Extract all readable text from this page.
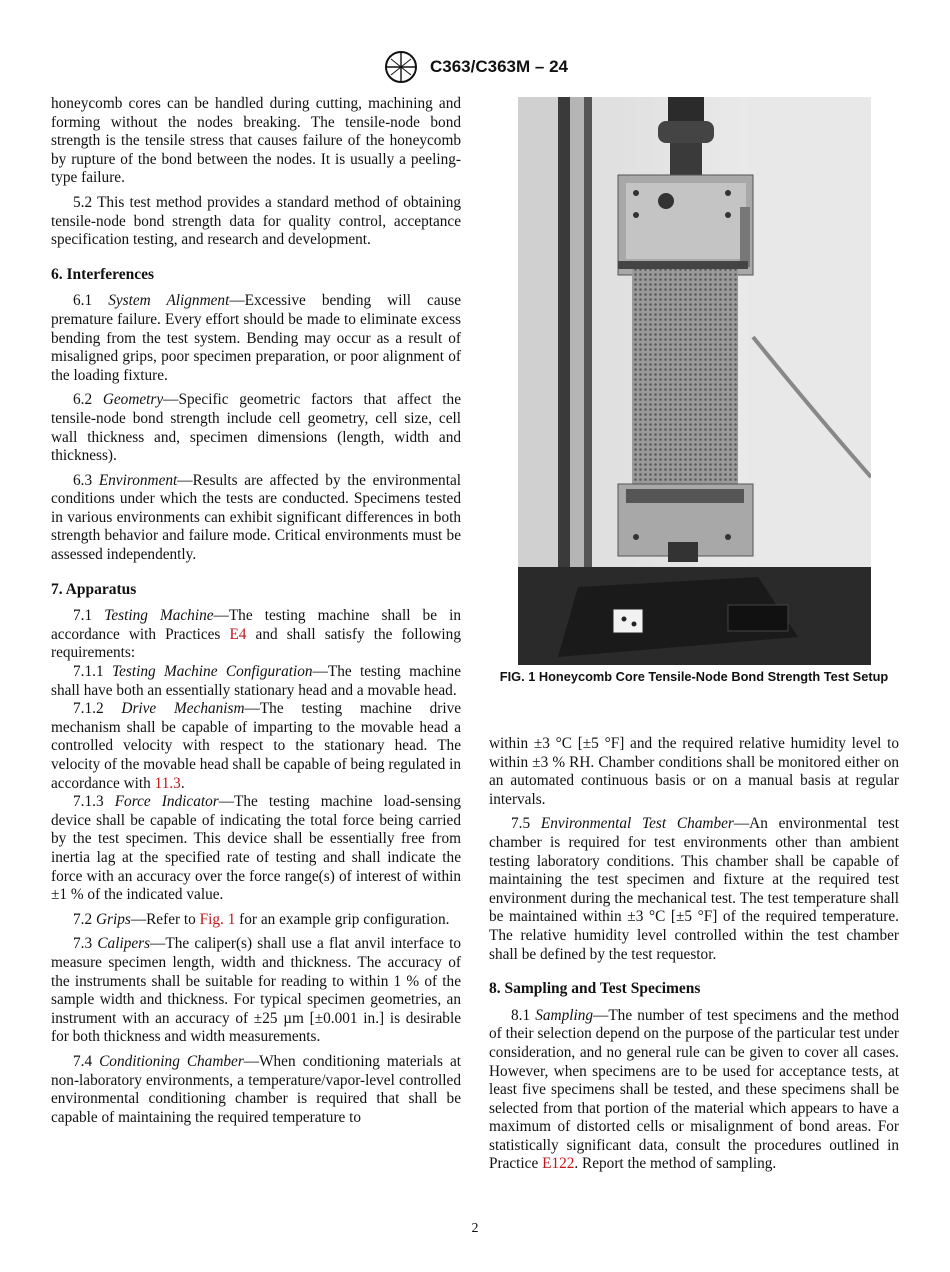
C363/C363M – 24

honeycomb cores can be handled during cutting, machining and forming without the nodes breaking. The tensile-node bond strength is the tensile stress that causes failure of the honeycomb by rupture of the bond between the nodes. It is usually a peeling-type failure.

5.2 This test method provides a standard method of obtaining tensile-node bond strength data for quality control, acceptance specification testing, and research and development.

6. Interferences

6.1 System Alignment—Excessive bending will cause premature failure. Every effort should be made to eliminate excess bending from the test system. Bending may occur as a result of misaligned grips, poor specimen preparation, or poor alignment of the loading fixture.

6.2 Geometry—Specific geometric factors that affect the tensile-node bond strength include cell geometry, cell size, cell wall thickness and, specimen dimensions (length, width and thickness).

6.3 Environment—Results are affected by the environmental conditions under which the tests are conducted. Specimens tested in various environments can exhibit significant differences in both strength behavior and failure mode. Critical environments must be assessed independently.

7. Apparatus

7.1 Testing Machine—The testing machine shall be in accordance with Practices E4 and shall satisfy the following requirements:

7.1.1 Testing Machine Configuration—The testing machine shall have both an essentially stationary head and a movable head.

7.1.2 Drive Mechanism—The testing machine drive mechanism shall be capable of imparting to the movable head a controlled velocity with respect to the stationary head. The velocity of the movable head shall be capable of being regulated in accordance with 11.3.

7.1.3 Force Indicator—The testing machine load-sensing device shall be capable of indicating the total force being carried by the test specimen. This device shall be essentially free from inertia lag at the specified rate of testing and shall indicate the force with an accuracy over the force range(s) of interest of within ±1 % of the indicated value.

7.2 Grips—Refer to Fig. 1 for an example grip configuration.

7.3 Calipers—The caliper(s) shall use a flat anvil interface to measure specimen length, width and thickness. The accuracy of the instruments shall be suitable for reading to within 1 % of the sample width and thickness. For typical specimen geometries, an instrument with an accuracy of ±25 µm [±0.001 in.] is desirable for both thickness and width measurements.

7.4 Conditioning Chamber—When conditioning materials at non-laboratory environments, a temperature/vapor-level controlled environmental conditioning chamber is required that shall be capable of maintaining the required temperature to

FIG. 1 Honeycomb Core Tensile-Node Bond Strength Test Setup

within ±3 °C [±5 °F] and the required relative humidity level to within ±3 % RH. Chamber conditions shall be monitored either on an automated continuous basis or on a manual basis at regular intervals.

7.5 Environmental Test Chamber—An environmental test chamber is required for test environments other than ambient testing laboratory conditions. This chamber shall be capable of maintaining the test specimen and fixture at the required test environment during the mechanical test. The test temperature shall be maintained within ±3 °C [±5 °F] of the required temperature. The relative humidity level controlled within the test chamber shall be defined by the test requestor.

8. Sampling and Test Specimens

8.1 Sampling—The number of test specimens and the method of their selection depend on the purpose of the particular test under consideration, and no general rule can be given to cover all cases. However, when specimens are to be used for acceptance tests, at least five specimens shall be tested, and these specimens shall be selected from that portion of the material which appears to have a maximum of distorted cells or misalignment of bond areas. For statistically significant data, consult the procedures outlined in Practice E122. Report the method of sampling.

2
